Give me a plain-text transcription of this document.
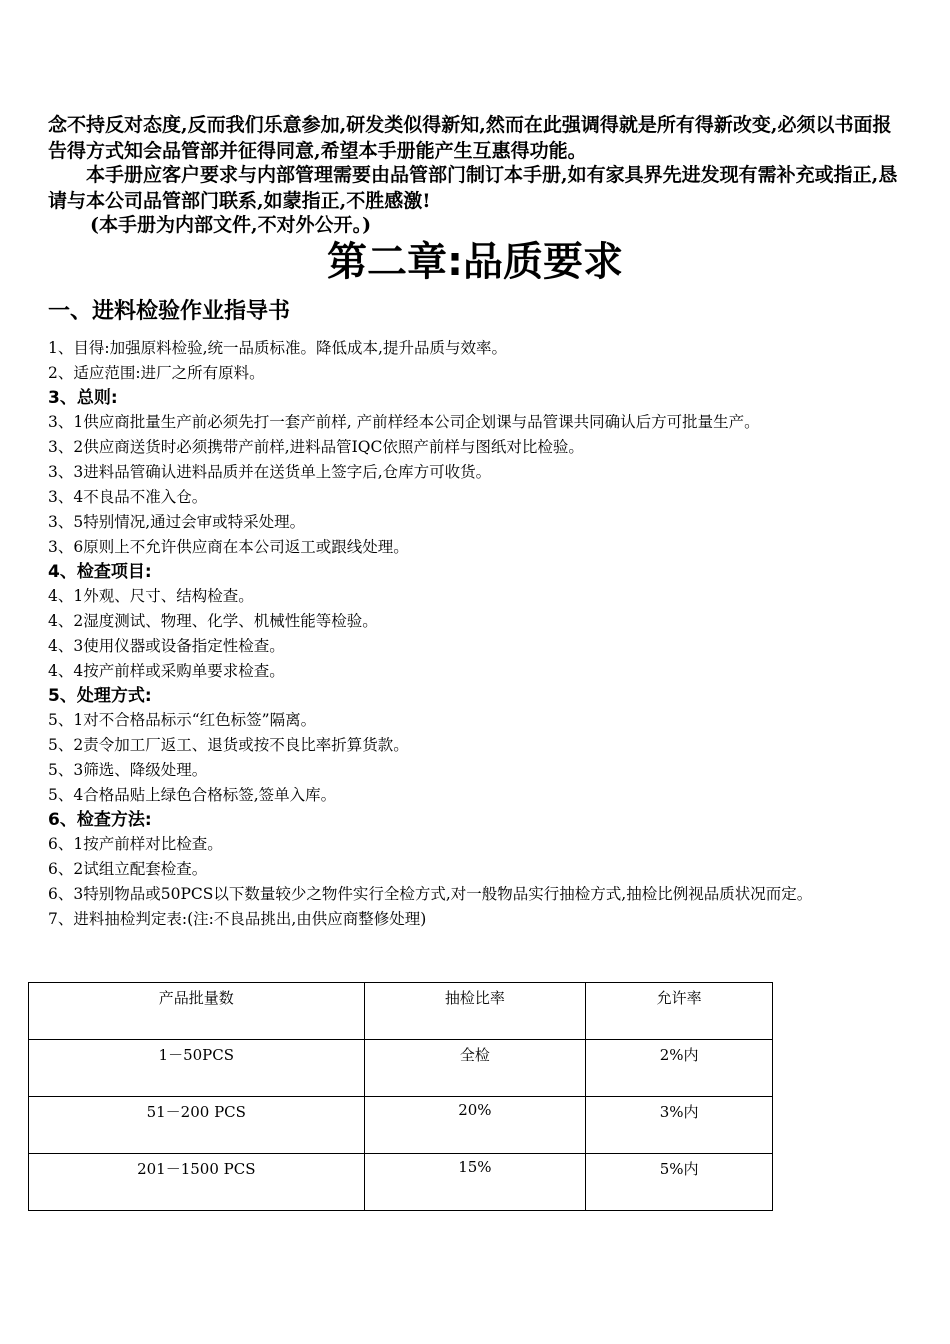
念不持反对态度,反而我们乐意参加,研发类似得新知,然而在此强调得就是所有得新改变,必须以书面报告得方式知会品管部并征得同意,希望本手册能产生互惠得功能。
本手册应客户要求与内部管理需要由品管部门制订本手册,如有家具界先进发现有需补充或指正,恳请与本公司品管部门联系,如蒙指正,不胜感激!
(本手册为内部文件,不对外公开。)
第二章:品质要求
一、进料检验作业指导书
1、目得:加强原料检验,统一品质标准。降低成本,提升品质与效率。
2、适应范围:进厂之所有原料。
3、总则:
3、1供应商批量生产前必须先打一套产前样, 产前样经本公司企划课与品管课共同确认后方可批量生产。
3、2供应商送货时必须携带产前样,进料品管IQC依照产前样与图纸对比检验。
3、3进料品管确认进料品质并在送货单上签字后,仓库方可收货。
3、4不良品不准入仓。
3、5特别情况,通过会审或特采处理。
3、6原则上不允许供应商在本公司返工或跟线处理。
4、检查项目:
4、1外观、尺寸、结构检查。
4、2湿度测试、物理、化学、机械性能等检验。
4、3使用仪器或设备指定性检查。
4、4按产前样或采购单要求检查。
5、处理方式:
5、1对不合格品标示“红色标签”隔离。
5、2责令加工厂返工、退货或按不良比率折算货款。
5、3筛选、降级处理。
5、4合格品贴上绿色合格标签,签单入库。
6、检查方法:
6、1按产前样对比检查。
6、2试组立配套检查。
6、3特别物品或50PCS以下数量较少之物件实行全检方式,对一般物品实行抽检方式,抽检比例视品质状况而定。
7、进料抽检判定表:(注:不良品挑出,由供应商整修处理)
产品批量数	抽检比率	允许率
1－50PCS	全检	2%内
51－200 PCS	20%	3%内
201－1500 PCS	15%	5%内
